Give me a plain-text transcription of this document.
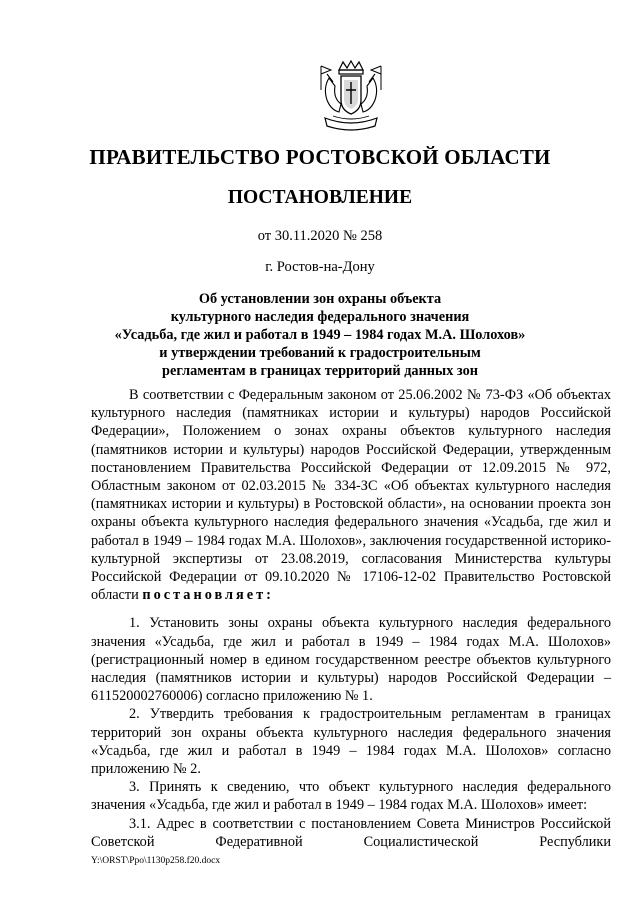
ПРАВИТЕЛЬСТВО РОСТОВСКОЙ ОБЛАСТИ
ПОСТАНОВЛЕНИЕ
от 30.11.2020 № 258
г. Ростов-на-Дону
Об установлении зон охраны объекта
культурного наследия федерального значения
«Усадьба, где жил и работал в 1949 – 1984 годах М.А. Шолохов»
и утверждении требований к градостроительным
регламентам в границах территорий данных зон

В соответствии с Федеральным законом от 25.06.2002 № 73-ФЗ «Об объектах культурного наследия (памятниках истории и культуры) народов Российской Федерации», Положением о зонах охраны объектов культурного наследия (памятников истории и культуры) народов Российской Федерации, утвержденным постановлением Правительства Российской Федерации от 12.09.2015 № 972, Областным законом от 02.03.2015 № 334-ЗС «Об объектах культурного наследия (памятниках истории и культуры) в Ростовской области», на основании проекта зон охраны объекта культурного наследия федерального значения «Усадьба, где жил и работал в 1949 – 1984 годах М.А. Шолохов», заключения государственной историко-культурной экспертизы от 23.08.2019, согласования Министерства культуры Российской Федерации от 09.10.2020 № 17106-12-02 Правительство Ростовской области постановляет:

1. Установить зоны охраны объекта культурного наследия федерального значения «Усадьба, где жил и работал в 1949 – 1984 годах М.А. Шолохов» (регистрационный номер в едином государственном реестре объектов культурного наследия (памятников истории и культуры) народов Российской Федерации – 611520002760006) согласно приложению № 1.

2. Утвердить требования к градостроительным регламентам в границах территорий зон охраны объекта культурного наследия федерального значения «Усадьба, где жил и работал в 1949 – 1984 годах М.А. Шолохов» согласно приложению № 2.

3. Принять к сведению, что объект культурного наследия федерального значения «Усадьба, где жил и работал в 1949 – 1984 годах М.А. Шолохов» имеет:

3.1. Адрес в соответствии с постановлением Совета Министров Российской Советской Федеративной Социалистической Республики

Y:\ORST\Ppo\1130p258.f20.docx
